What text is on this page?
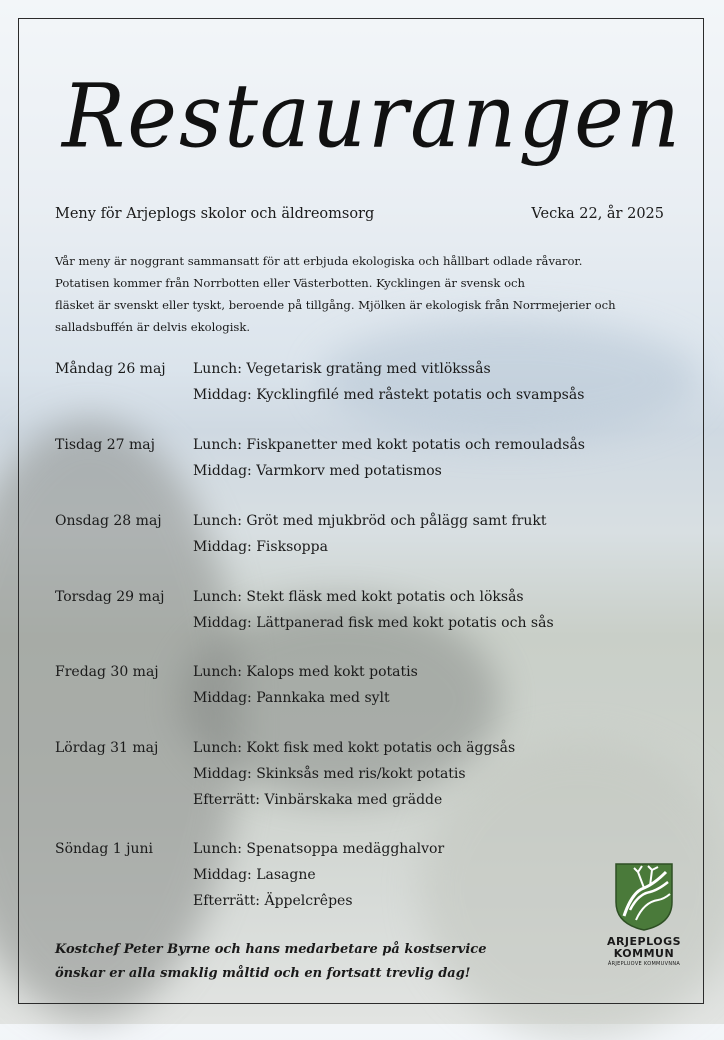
Restaurangen
Meny för Arjeplogs skolor och äldreomsorg	Vecka 22, år 2025
Vår meny är noggrant sammansatt för att erbjuda ekologiska och hållbart odlade råvaror.
Potatisen kommer från Norrbotten eller Västerbotten. Kycklingen är svensk och
fläsket är svenskt eller tyskt, beroende på tillgång. Mjölken är ekologisk från Norrmejerier och
salladsbuffén är delvis ekologisk.
Måndag 26 maj Lunch: Vegetarisk gratäng med vitlökssås
Middag: Kycklingfilé med råstekt potatis och svampsås
Tisdag 27 maj	Lunch: Fiskpanetter med kokt potatis och remouladsås
Middag: Varmkorv med potatismos
Onsdag 28 maj Lunch: Gröt med mjukbröd och pålägg samt frukt
Middag: Fisksoppa
Torsdag 29 maj Lunch: Stekt fläsk med kokt potatis och löksås
Middag: Lättpanerad fisk med kokt potatis och sås
Fredag 30 maj Lunch: Kalops med kokt potatis
Middag: Pannkaka med sylt
Lördag 31 maj Lunch: Kokt fisk med kokt potatis och äggsås
Middag: Skinksås med ris/kokt potatis
Efterrätt: Vinbärskaka med grädde
Söndag 1 juni	Lunch: Spenatsoppa medägghalvor
Middag: Lasagne
Efterrätt: Äppelcrêpes
Kostchef Peter Byrne och hans medarbetare på kostservice
önskar er alla smaklig måltid och en fortsatt trevlig dag!
ARJEPLOGS
KOMMUN
ÁRJEPLUOVE KOMMUVNNA
